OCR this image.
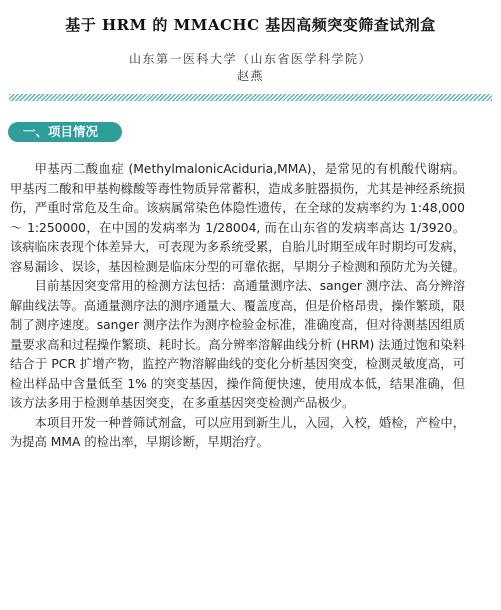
基于 HRM 的 MMACHC 基因高频突变筛查试剂盒
山东第一医科大学（山东省医学科学院）
赵燕
一、项目情况

甲基丙二酸血症 (MethylmalonicAciduria,MMA)，是常见的有机酸代谢病。甲基丙二酸和甲基枸橼酸等毒性物质异常蓄积，造成多脏器损伤，尤其是神经系统损伤，严重时常危及生命。该病属常染色体隐性遗传，在全球的发病率约为 1:48,000 ～ 1:250000，在中国的发病率为 1/28004, 而在山东省的发病率高达 1/3920。该病临床表现个体差异大，可表现为多系统受累，自胎儿时期至成年时期均可发病，容易漏诊、误诊，基因检测是临床分型的可靠依据，早期分子检测和预防尤为关键。

目前基因突变常用的检测方法包括：高通量测序法、sanger 测序法、高分辨溶解曲线法等。高通量测序法的测序通量大、覆盖度高，但是价格昂贵，操作繁琐，限制了测序速度。sanger 测序法作为测序检验金标准，准确度高，但对待测基因组质量要求高和过程操作繁琐、耗时长。高分辨率溶解曲线分析 (HRM) 法通过饱和染料结合于 PCR 扩增产物，监控产物溶解曲线的变化分析基因突变，检测灵敏度高，可检出样品中含量低至 1% 的突变基因，操作简便快速，使用成本低，结果准确，但该方法多用于检测单基因突变，在多重基因突变检测产品极少。

本项目开发一种普筛试剂盒，可以应用到新生儿，入园，入校，婚检，产检中，为提高 MMA 的检出率，早期诊断，早期治疗。
